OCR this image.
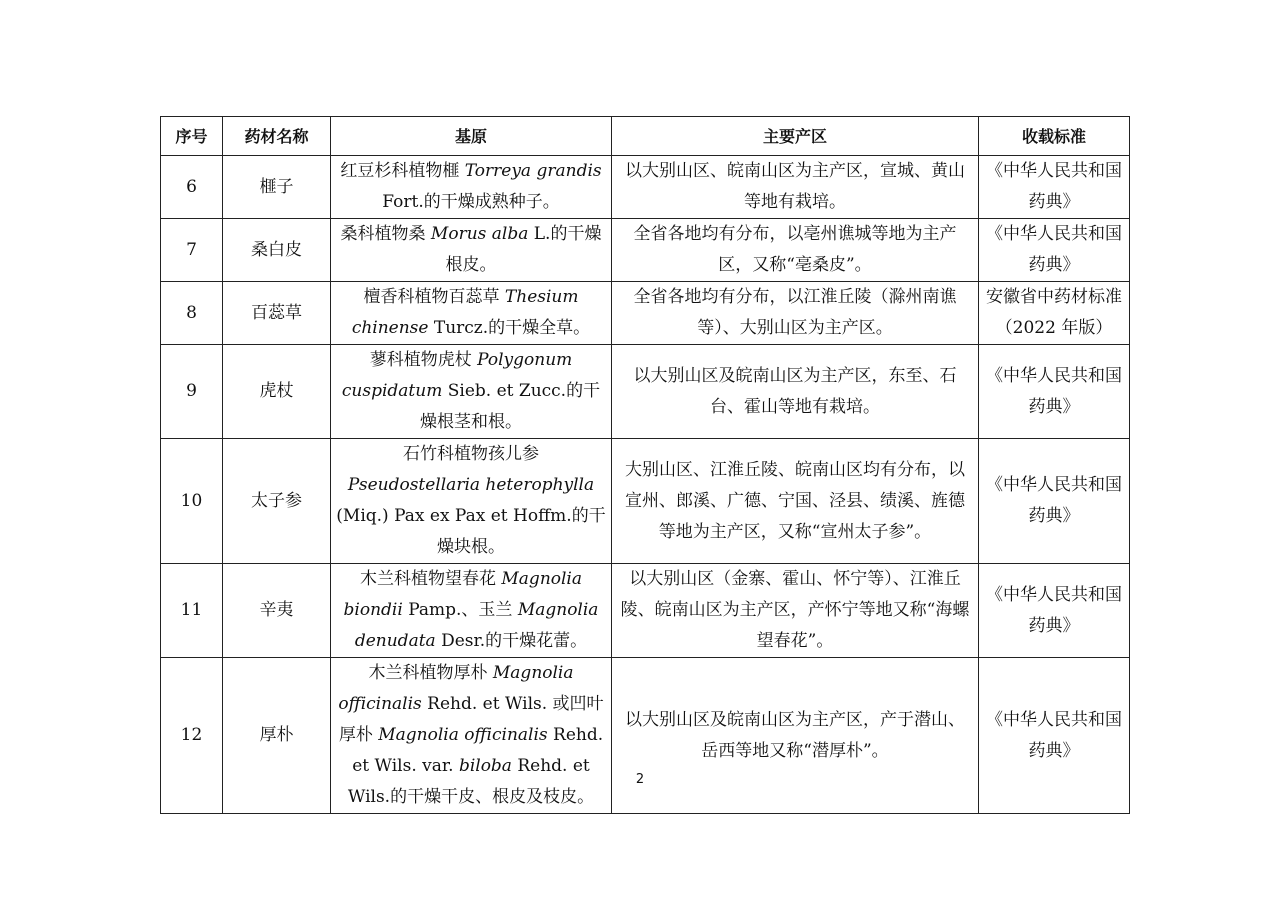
序号	药材名称	基原	主要产区	收载标准
6	榧子	红豆杉科植物榧 Torreya grandis Fort.的干燥成熟种子。	以大别山区、皖南山区为主产区，宣城、黄山等地有栽培。	《中华人民共和国药典》
7	桑白皮	桑科植物桑 Morus alba L.的干燥根皮。	全省各地均有分布，以亳州谯城等地为主产区，又称“亳桑皮”。	《中华人民共和国药典》
8	百蕊草	檀香科植物百蕊草 Thesium chinense Turcz.的干燥全草。	全省各地均有分布，以江淮丘陵（滁州南谯等）、大别山区为主产区。	安徽省中药材标准（2022 年版）
9	虎杖	蓼科植物虎杖 Polygonum cuspidatum Sieb. et Zucc.的干燥根茎和根。	以大别山区及皖南山区为主产区，东至、石台、霍山等地有栽培。	《中华人民共和国药典》
10	太子参	石竹科植物孩儿参 Pseudostellaria heterophylla (Miq.) Pax ex Pax et Hoffm.的干燥块根。	大别山区、江淮丘陵、皖南山区均有分布，以宣州、郎溪、广德、宁国、泾县、绩溪、旌德等地为主产区，又称“宣州太子参”。	《中华人民共和国药典》
11	辛夷	木兰科植物望春花 Magnolia biondii Pamp.、玉兰 Magnolia denudata Desr.的干燥花蕾。	以大别山区（金寨、霍山、怀宁等）、江淮丘陵、皖南山区为主产区，产怀宁等地又称“海螺望春花”。	《中华人民共和国药典》
12	厚朴	木兰科植物厚朴 Magnolia officinalis Rehd. et Wils. 或凹叶厚朴 Magnolia officinalis Rehd. et Wils. var. biloba Rehd. et Wils.的干燥干皮、根皮及枝皮。	以大别山区及皖南山区为主产区，产于潜山、岳西等地又称“潜厚朴”。	《中华人民共和国药典》
2
